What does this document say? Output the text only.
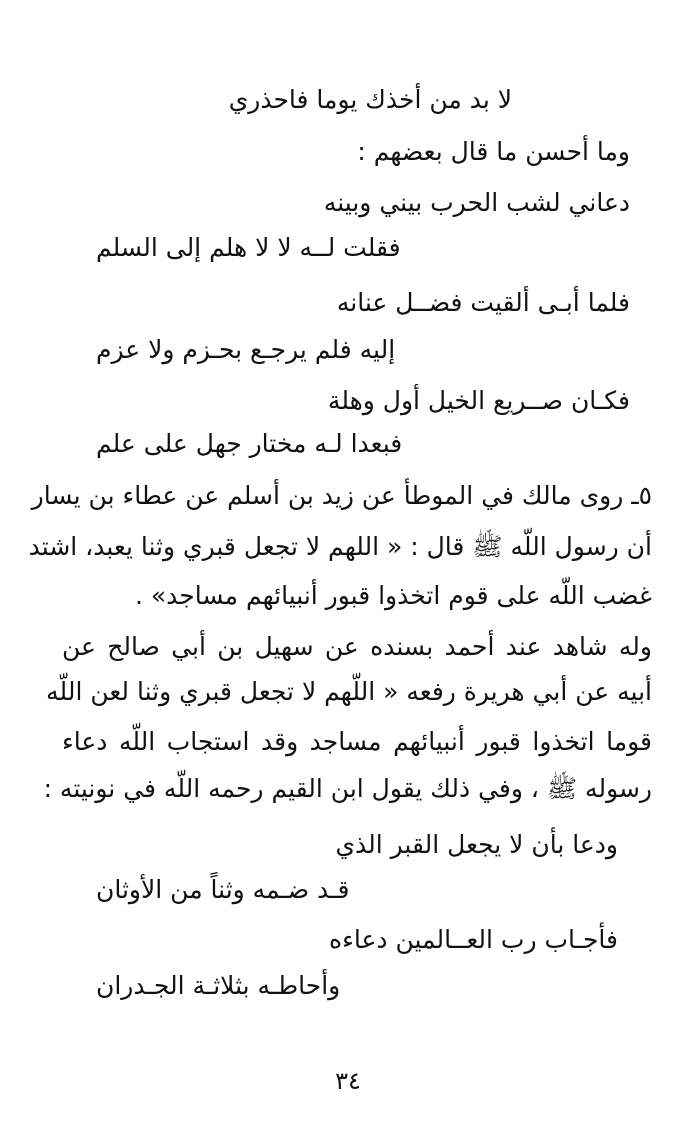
لا بد من أخذك يوما فاحذري
وما أحسن ما قال بعضهم :
دعاني لشب الحرب بيني وبينه
فقلت لــه لا لا هلم إلى السلم
فلما أبـى ألقيت فضــل عنانه
إليه فلم يرجـع بحـزم ولا عزم
فكـان صــريع الخيل أول وهلة
فبعدا لـه مختار جهل على علم
٥ـ روى مالك في الموطأ عن زيد بن أسلم عن عطاء بن يسار
أن رسول اللّه ﷺ قال : « اللهم لا تجعل قبري وثنا يعبد، اشتد
غضب اللّه على قوم اتخذوا قبور أنبيائهم مساجد» .
وله شاهد عند أحمد بسنده عن سهيل بن أبي صالح عن
أبيه عن أبي هريرة رفعه « اللّهم لا تجعل قبري وثنا لعن اللّه
قوما اتخذوا قبور أنبيائهم مساجد وقد استجاب اللّه دعاء
رسوله ﷺ ، وفي ذلك يقول ابن القيم رحمه اللّه في نونيته :
ودعا بأن لا يجعل القبر الذي
قـد ضـمه وثناً من الأوثان
فأجـاب رب العــالمين دعاءه
وأحاطـه بثلاثـة الجـدران
٣٤
